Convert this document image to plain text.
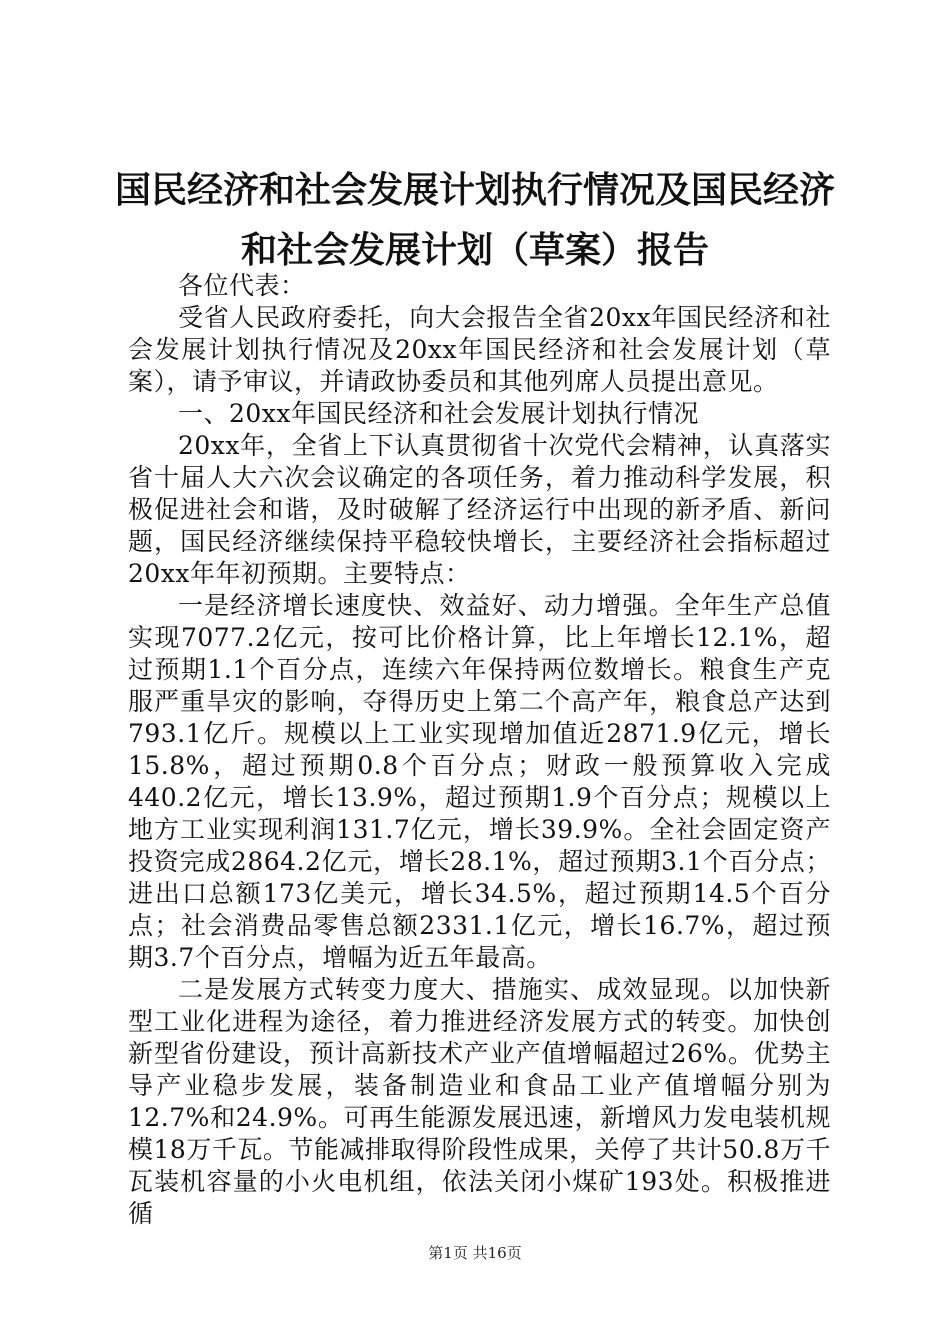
国民经济和社会发展计划执行情况及国民经济和社会发展计划（草案）报告

各位代表：

受省人民政府委托，向大会报告全省20xx年国民经济和社会发展计划执行情况及20xx年国民经济和社会发展计划（草案），请予审议，并请政协委员和其他列席人员提出意见。

一、20xx年国民经济和社会发展计划执行情况

20xx年，全省上下认真贯彻省十次党代会精神，认真落实省十届人大六次会议确定的各项任务，着力推动科学发展，积极促进社会和谐，及时破解了经济运行中出现的新矛盾、新问题，国民经济继续保持平稳较快增长，主要经济社会指标超过20xx年年初预期。主要特点：

一是经济增长速度快、效益好、动力增强。全年生产总值实现7077.2亿元，按可比价格计算，比上年增长12.1%，超过预期1.1个百分点，连续六年保持两位数增长。粮食生产克服严重旱灾的影响，夺得历史上第二个高产年，粮食总产达到793.1亿斤。规模以上工业实现增加值近2871.9亿元，增长15.8%，超过预期0.8个百分点；财政一般预算收入完成440.2亿元，增长13.9%，超过预期1.9个百分点；规模以上地方工业实现利润131.7亿元，增长39.9%。全社会固定资产投资完成2864.2亿元，增长28.1%，超过预期3.1个百分点；进出口总额173亿美元，增长34.5%，超过预期14.5个百分点；社会消费品零售总额2331.1亿元，增长16.7%，超过预期3.7个百分点，增幅为近五年最高。

二是发展方式转变力度大、措施实、成效显现。以加快新型工业化进程为途径，着力推进经济发展方式的转变。加快创新型省份建设，预计高新技术产业产值增幅超过26%。优势主导产业稳步发展，装备制造业和食品工业产值增幅分别为12.7%和24.9%。可再生能源发展迅速，新增风力发电装机规模18万千瓦。节能减排取得阶段性成果，关停了共计50.8万千瓦装机容量的小火电机组，依法关闭小煤矿193处。积极推进循

第1页 共16页
